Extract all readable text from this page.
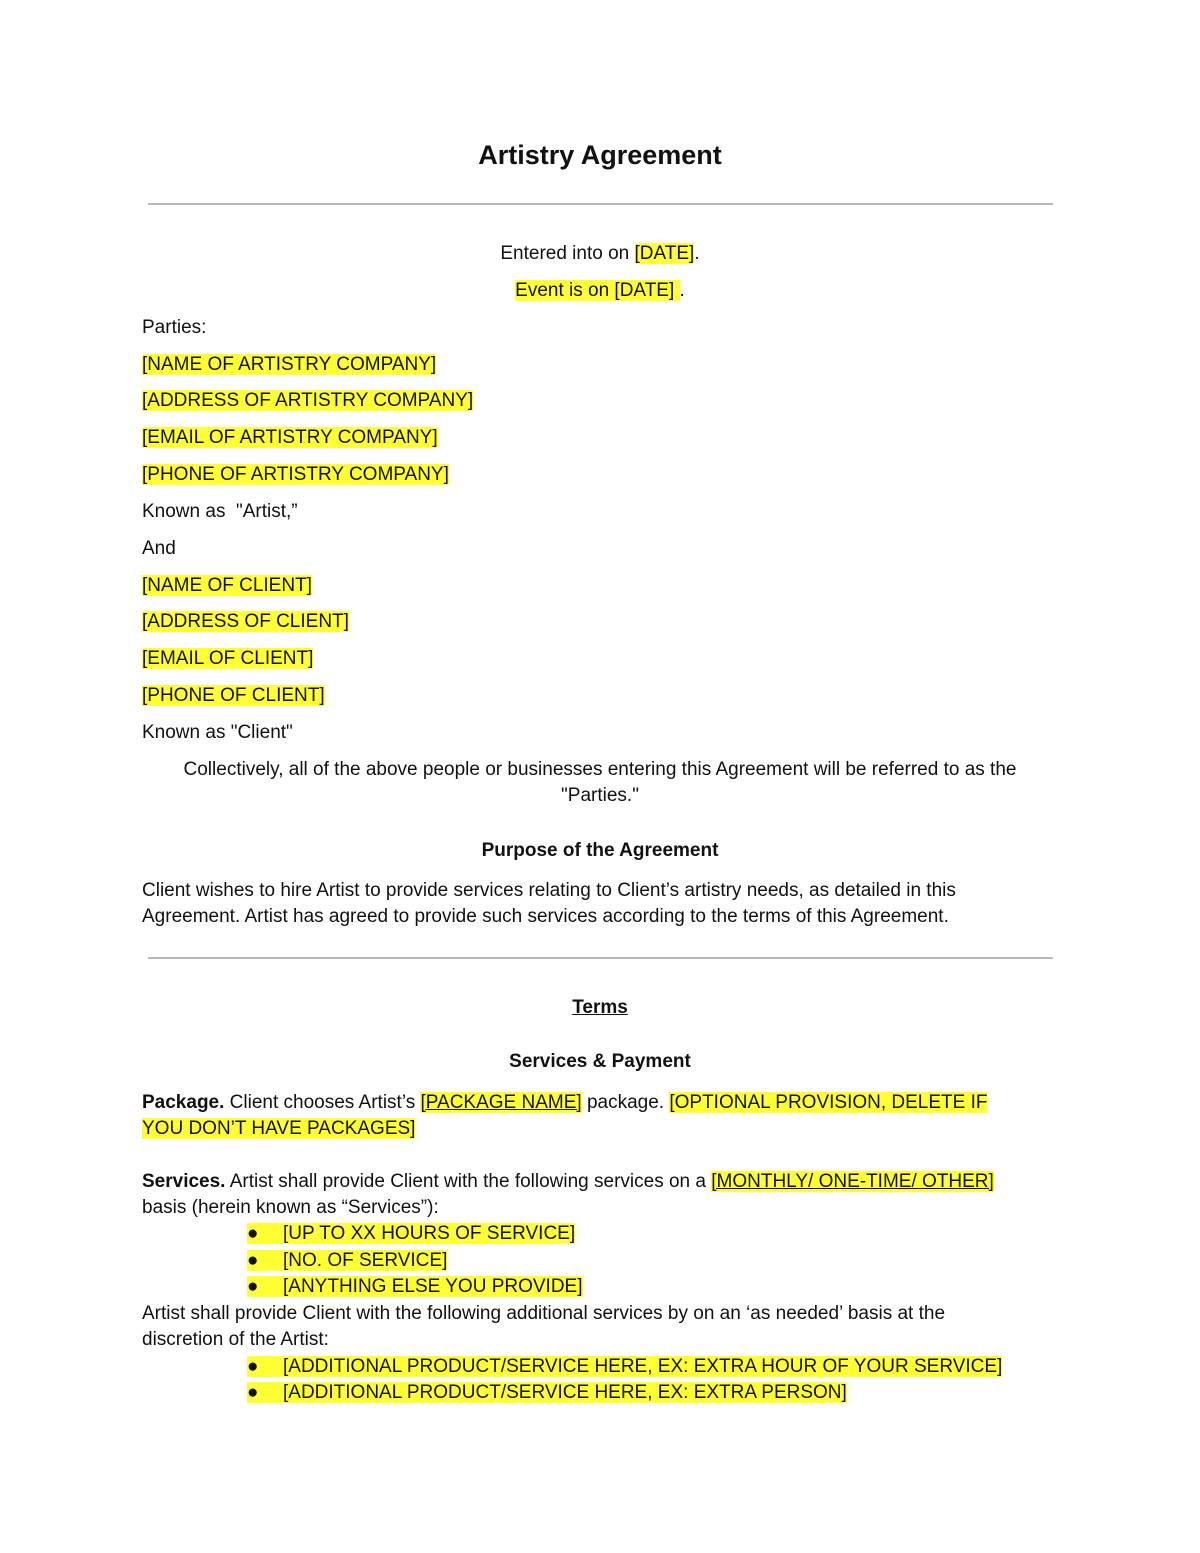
Artistry Agreement
Entered into on [DATE].
Event is on [DATE] .
Parties:
[NAME OF ARTISTRY COMPANY]
[ADDRESS OF ARTISTRY COMPANY]
[EMAIL OF ARTISTRY COMPANY]
[PHONE OF ARTISTRY COMPANY]
Known as  "Artist,”
And
[NAME OF CLIENT]
[ADDRESS OF CLIENT]
[EMAIL OF CLIENT]
[PHONE OF CLIENT]
Known as "Client"
Collectively, all of the above people or businesses entering this Agreement will be referred to as the
"Parties."
Purpose of the Agreement
Client wishes to hire Artist to provide services relating to Client’s artistry needs, as detailed in this
Agreement. Artist has agreed to provide such services according to the terms of this Agreement.
Terms
Services & Payment
Package. Client chooses Artist’s [PACKAGE NAME] package. [OPTIONAL PROVISION, DELETE IF
YOU DON’T HAVE PACKAGES]
Services. Artist shall provide Client with the following services on a [MONTHLY/ ONE-TIME/ OTHER]
basis (herein known as “Services”):
● [UP TO XX HOURS OF SERVICE]
● [NO. OF SERVICE]
● [ANYTHING ELSE YOU PROVIDE]
Artist shall provide Client with the following additional services by on an ‘as needed’ basis at the
discretion of the Artist:
● [ADDITIONAL PRODUCT/SERVICE HERE, EX: EXTRA HOUR OF YOUR SERVICE]
● [ADDITIONAL PRODUCT/SERVICE HERE, EX: EXTRA PERSON]
